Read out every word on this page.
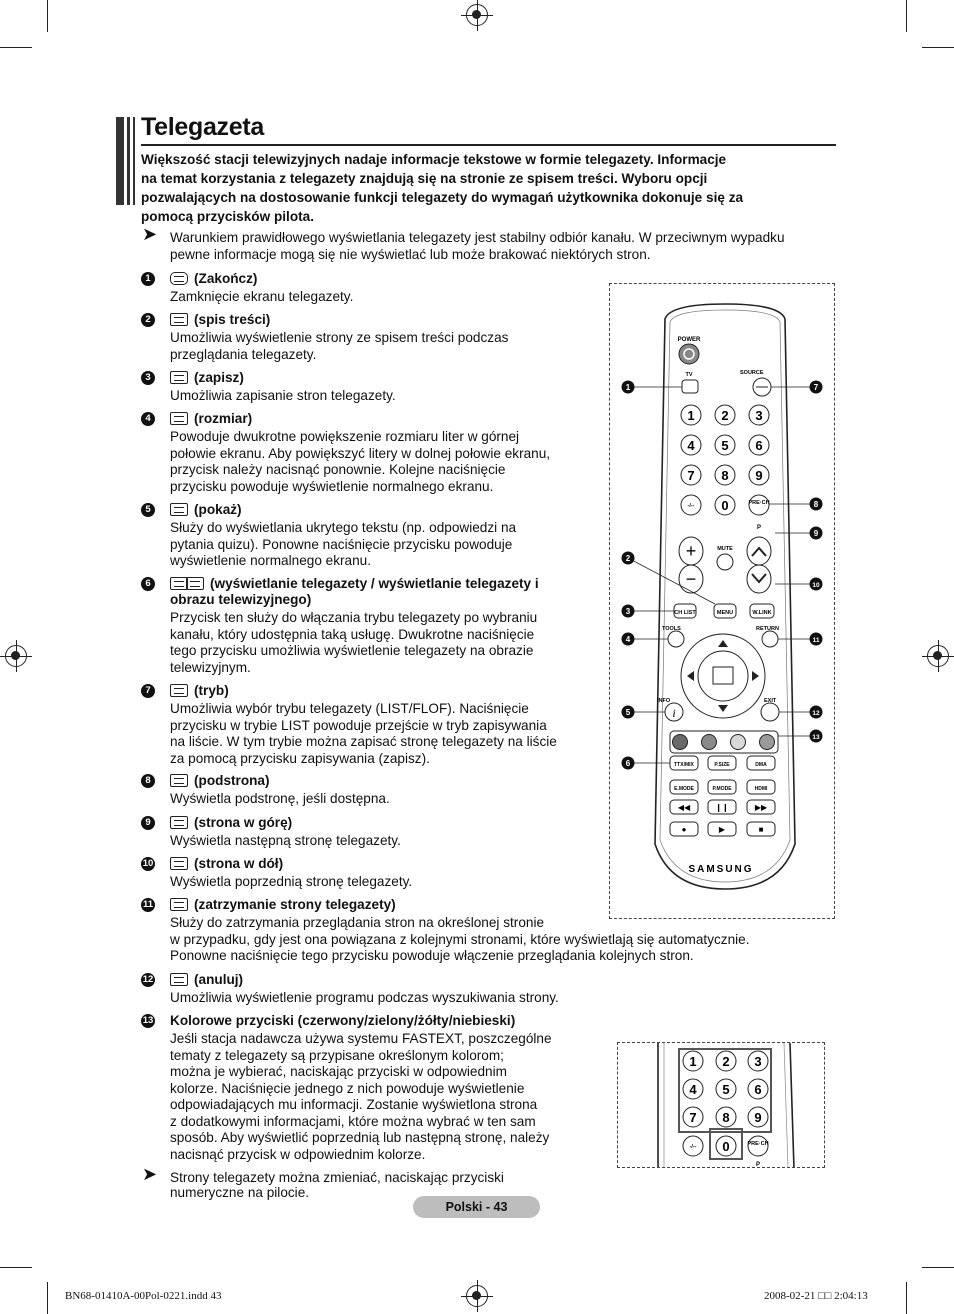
Telegazeta
Większość stacji telewizyjnych nadaje informacje tekstowe w formie telegazety. Informacje
na temat korzystania z telegazety znajdują się na stronie ze spisem treści. Wyboru opcji
pozwalających na dostosowanie funkcji telegazety do wymagań użytkownika dokonuje się za
pomocą przycisków pilota.
➤ Warunkiem prawidłowego wyświetlania telegazety jest stabilny odbiór kanału. W przeciwnym wypadku
pewne informacje mogą się nie wyświetlać lub może brakować niektórych stron.
1	(Zakończ)
Zamknięcie ekranu telegazety.
2	(spis treści)
Umożliwia wyświetlenie strony ze spisem treści podczas
przeglądania telegazety.
3	(zapisz)
Umożliwia zapisanie stron telegazety.
4	(rozmiar)
Powoduje dwukrotne powiększenie rozmiaru liter w górnej
połowie ekranu. Aby powiększyć litery w dolnej połowie ekranu,
przycisk należy nacisnąć ponownie. Kolejne naciśnięcie
przycisku powoduje wyświetlenie normalnego ekranu.
5	(pokaż)
Służy do wyświetlania ukrytego tekstu (np. odpowiedzi na
pytania quizu). Ponowne naciśnięcie przycisku powoduje
wyświetlenie normalnego ekranu.
6	(wyświetlanie telegazety / wyświetlanie telegazety i
obrazu telewizyjnego)
Przycisk ten służy do włączania trybu telegazety po wybraniu
kanału, który udostępnia taką usługę. Dwukrotne naciśnięcie
tego przycisku umożliwia wyświetlenie telegazety na obrazie
telewizyjnym.
7	(tryb)
Umożliwia wybór trybu telegazety (LIST/FLOF). Naciśnięcie
przycisku w trybie LIST powoduje przejście w tryb zapisywania
na liście. W tym trybie można zapisać stronę telegazety na liście
za pomocą przycisku zapisywania (zapisz).
8	(podstrona)
Wyświetla podstronę, jeśli dostępna.
9	(strona w górę)
Wyświetla następną stronę telegazety.
10	(strona w dół)
Wyświetla poprzednią stronę telegazety.
11	(zatrzymanie strony telegazety)
Służy do zatrzymania przeglądania stron na określonej stronie
w przypadku, gdy jest ona powiązana z kolejnymi stronami, które wyświetlają się automatycznie.
Ponowne naciśnięcie tego przycisku powoduje włączenie przeglądania kolejnych stron.
12	(anuluj)
Umożliwia wyświetlenie programu podczas wyszukiwania strony.
13 Kolorowe przyciski (czerwony/zielony/żółty/niebieski)
Jeśli stacja nadawcza używa systemu FASTEXT, poszczególne
tematy z telegazety są przypisane określonym kolorom;
można je wybierać, naciskając przyciski w odpowiednim
kolorze. Naciśnięcie jednego z nich powoduje wyświetlenie
odpowiadających mu informacji. Zostanie wyświetlona strona
z dodatkowymi informacjami, które można wybrać w ten sam
sposób. Aby wyświetlić poprzednią lub następną stronę, należy
nacisnąć przycisk w odpowiednim kolorze.
➤ Strony telegazety można zmieniać, naciskając przyciski
numeryczne na pilocie.
POWER
TV	SOURCE
1 2 3
4 5 6
7 8 9
-/-- 0	PRE·CH
+
−
P
MUTE
CH LIST	MENU	W.LINK
TOOLS	RETURN
INFO
i
EXIT
TTX/MIX	P.SIZE	DMA
E.MODE	P.MODE	HDMI
◀◀	❙❙	▶▶
●	▶	■
SAMSUNG
1
2
3
4
5
6
7
8
9
10
11
12
13
1 2 3
4 5 6
7 8 9
-/-- 0	PRE·CH
P
Polski - 43
BN68-01410A-00Pol-0221.indd 43	2008-02-21 □□ 2:04:13
